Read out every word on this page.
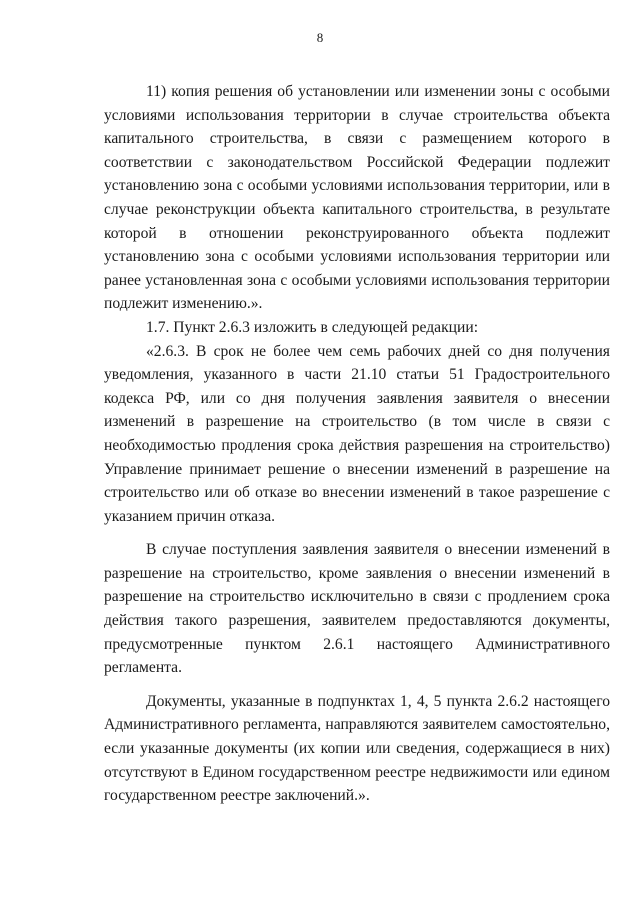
8

11) копия решения об установлении или изменении зоны с особыми условиями использования территории в случае строительства объекта капитального строительства, в связи с размещением которого в соответствии с законодательством Российской Федерации подлежит установлению зона с особыми условиями использования территории, или в случае реконструкции объекта капитального строительства, в результате которой в отношении реконструированного объекта подлежит установлению зона с особыми условиями использования территории или ранее установленная зона с особыми условиями использования территории подлежит изменению.».

1.7. Пункт 2.6.3 изложить в следующей редакции:

«2.6.3. В срок не более чем семь рабочих дней со дня получения уведомления, указанного в части 21.10 статьи 51 Градостроительного кодекса РФ, или со дня получения заявления заявителя о внесении изменений в разрешение на строительство (в том числе в связи с необходимостью продления срока действия разрешения на строительство) Управление принимает решение о внесении изменений в разрешение на строительство или об отказе во внесении изменений в такое разрешение с указанием причин отказа.

В случае поступления заявления заявителя о внесении изменений в разрешение на строительство, кроме заявления о внесении изменений в разрешение на строительство исключительно в связи с продлением срока действия такого разрешения, заявителем предоставляются документы, предусмотренные пунктом 2.6.1 настоящего Административного регламента.

Документы, указанные в подпунктах 1, 4, 5 пункта 2.6.2 настоящего Административного регламента, направляются заявителем самостоятельно, если указанные документы (их копии или сведения, содержащиеся в них) отсутствуют в Едином государственном реестре недвижимости или едином государственном реестре заключений.».
